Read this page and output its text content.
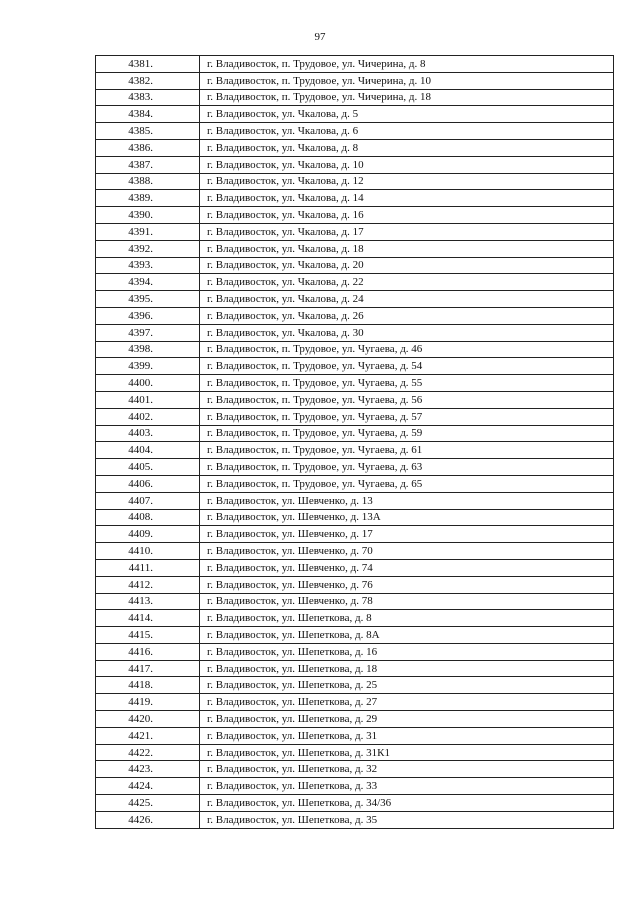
97
4381.	г. Владивосток, п. Трудовое, ул. Чичерина, д. 8
4382.	г. Владивосток, п. Трудовое, ул. Чичерина, д. 10
4383.	г. Владивосток, п. Трудовое, ул. Чичерина, д. 18
4384.	г. Владивосток, ул. Чкалова, д. 5
4385.	г. Владивосток, ул. Чкалова, д. 6
4386.	г. Владивосток, ул. Чкалова, д. 8
4387.	г. Владивосток, ул. Чкалова, д. 10
4388.	г. Владивосток, ул. Чкалова, д. 12
4389.	г. Владивосток, ул. Чкалова, д. 14
4390.	г. Владивосток, ул. Чкалова, д. 16
4391.	г. Владивосток, ул. Чкалова, д. 17
4392.	г. Владивосток, ул. Чкалова, д. 18
4393.	г. Владивосток, ул. Чкалова, д. 20
4394.	г. Владивосток, ул. Чкалова, д. 22
4395.	г. Владивосток, ул. Чкалова, д. 24
4396.	г. Владивосток, ул. Чкалова, д. 26
4397.	г. Владивосток, ул. Чкалова, д. 30
4398.	г. Владивосток, п. Трудовое, ул. Чугаева, д. 46
4399.	г. Владивосток, п. Трудовое, ул. Чугаева, д. 54
4400.	г. Владивосток, п. Трудовое, ул. Чугаева, д. 55
4401.	г. Владивосток, п. Трудовое, ул. Чугаева, д. 56
4402.	г. Владивосток, п. Трудовое, ул. Чугаева, д. 57
4403.	г. Владивосток, п. Трудовое, ул. Чугаева, д. 59
4404.	г. Владивосток, п. Трудовое, ул. Чугаева, д. 61
4405.	г. Владивосток, п. Трудовое, ул. Чугаева, д. 63
4406.	г. Владивосток, п. Трудовое, ул. Чугаева, д. 65
4407.	г. Владивосток, ул. Шевченко, д. 13
4408.	г. Владивосток, ул. Шевченко, д. 13А
4409.	г. Владивосток, ул. Шевченко, д. 17
4410.	г. Владивосток, ул. Шевченко, д. 70
4411.	г. Владивосток, ул. Шевченко, д. 74
4412.	г. Владивосток, ул. Шевченко, д. 76
4413.	г. Владивосток, ул. Шевченко, д. 78
4414.	г. Владивосток, ул. Шепеткова, д. 8
4415.	г. Владивосток, ул. Шепеткова, д. 8А
4416.	г. Владивосток, ул. Шепеткова, д. 16
4417.	г. Владивосток, ул. Шепеткова, д. 18
4418.	г. Владивосток, ул. Шепеткова, д. 25
4419.	г. Владивосток, ул. Шепеткова, д. 27
4420.	г. Владивосток, ул. Шепеткова, д. 29
4421.	г. Владивосток, ул. Шепеткова, д. 31
4422.	г. Владивосток, ул. Шепеткова, д. 31К1
4423.	г. Владивосток, ул. Шепеткова, д. 32
4424.	г. Владивосток, ул. Шепеткова, д. 33
4425.	г. Владивосток, ул. Шепеткова, д. 34/36
4426.	г. Владивосток, ул. Шепеткова, д. 35
